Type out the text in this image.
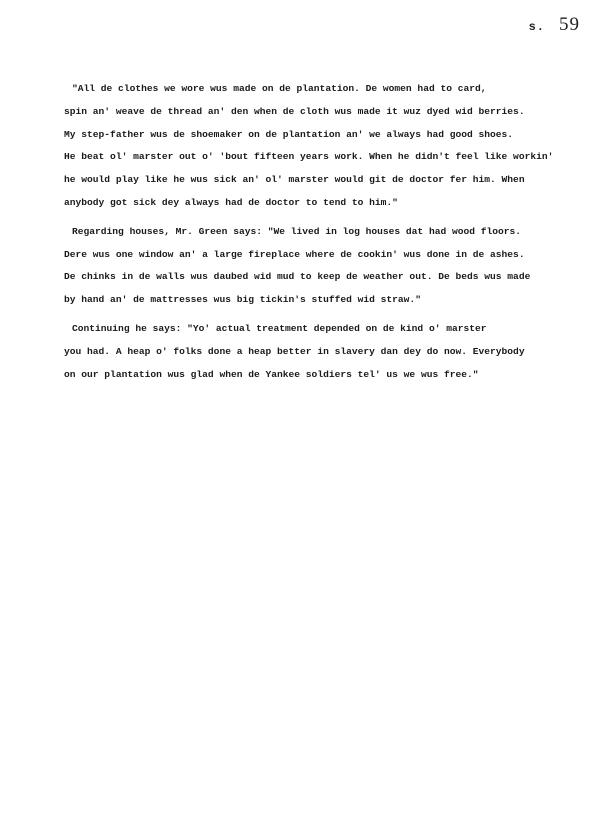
s. 59
"All de clothes we wore wus made on de plantation. De women had to card,
spin an' weave de thread an' den when de cloth wus made it wuz dyed wid berries.
My step-father wus de shoemaker on de plantation an' we always had good shoes.
He beat ol' marster out o' 'bout fifteen years work. When he didn't feel like workin'
he would play like he wus sick an' ol' marster would git de doctor fer him. When
anybody got sick dey always had de doctor to tend to him."
Regarding houses, Mr. Green says: "We lived in log houses dat had wood floors.
Dere wus one window an' a large fireplace where de cookin' wus done in de ashes.
De chinks in de walls wus daubed wid mud to keep de weather out. De beds wus made
by hand an' de mattresses wus big tickin's stuffed wid straw."
Continuing he says: "Yo' actual treatment depended on de kind o' marster
you had. A heap o' folks done a heap better in slavery dan dey do now. Everybody
on our plantation wus glad when de Yankee soldiers tel' us we wus free."
